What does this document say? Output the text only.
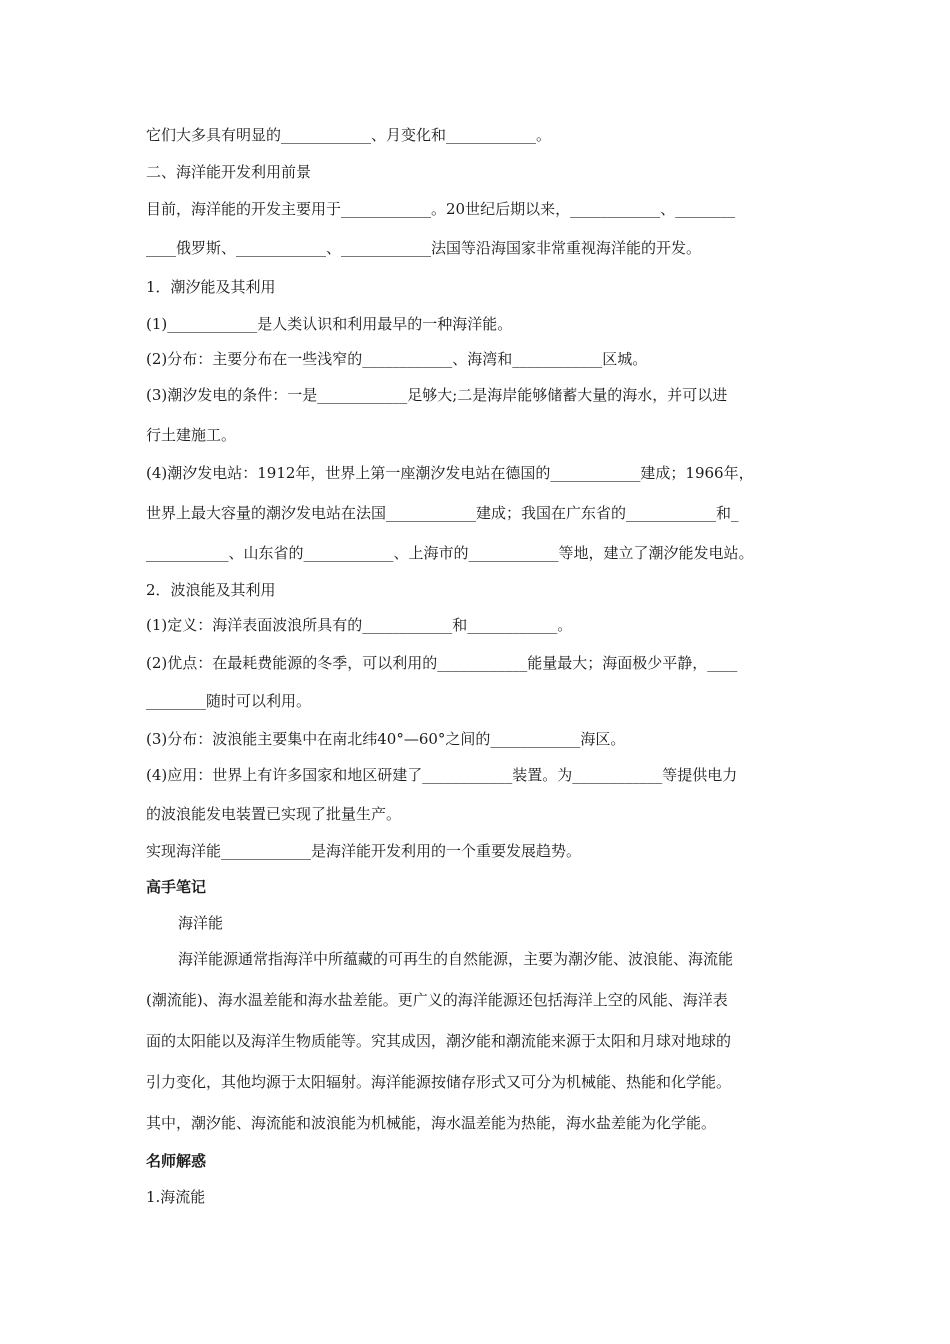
它们大多具有明显的____________、月变化和____________。

二、海洋能开发利用前景

目前，海洋能的开发主要用于____________。20世纪后期以来，____________、________

____俄罗斯、____________、____________法国等沿海国家非常重视海洋能的开发。

1．潮汐能及其利用

(1)____________是人类认识和利用最早的一种海洋能。

(2)分布：主要分布在一些浅窄的____________、海湾和____________区城。

(3)潮汐发电的条件：一是____________足够大;二是海岸能够储蓄大量的海水，并可以进

行土建施工。

(4)潮汐发电站：1912年，世界上第一座潮汐发电站在德国的____________建成；1966年，

世界上最大容量的潮汐发电站在法国____________建成；我国在广东省的____________和_

___________、山东省的____________、上海市的____________等地，建立了潮汐能发电站。

2．波浪能及其利用

(1)定义：海洋表面波浪所具有的____________和____________。

(2)优点：在最耗费能源的冬季，可以利用的____________能量最大；海面极少平静，____

________随时可以利用。

(3)分布：波浪能主要集中在南北纬40°—60°之间的____________海区。

(4)应用：世界上有许多国家和地区研建了____________装置。为____________等提供电力

的波浪能发电装置已实现了批量生产。

实现海洋能____________是海洋能开发利用的一个重要发展趋势。

高手笔记

海洋能

海洋能源通常指海洋中所蕴藏的可再生的自然能源，主要为潮汐能、波浪能、海流能

(潮流能)、海水温差能和海水盐差能。更广义的海洋能源还包括海洋上空的风能、海洋表

面的太阳能以及海洋生物质能等。究其成因，潮汐能和潮流能来源于太阳和月球对地球的

引力变化，其他均源于太阳辐射。海洋能源按储存形式又可分为机械能、热能和化学能。

其中，潮汐能、海流能和波浪能为机械能，海水温差能为热能，海水盐差能为化学能。

名师解惑

1.海流能
